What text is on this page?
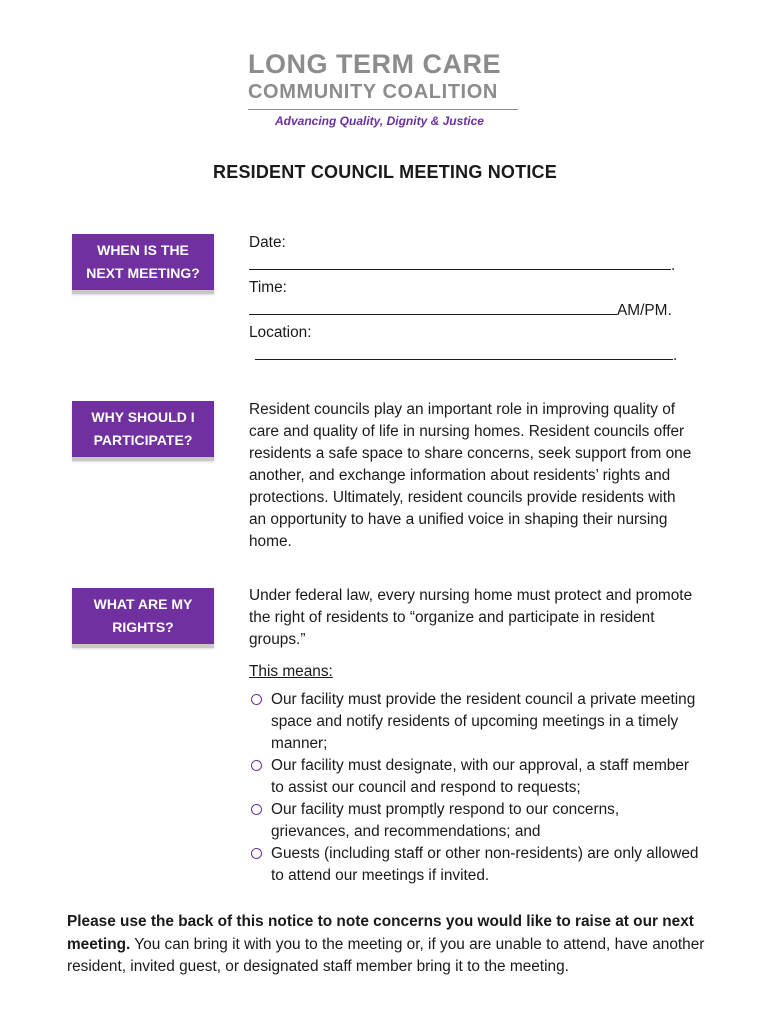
LONG TERM CARE
COMMUNITY COALITION
Advancing Quality, Dignity & Justice
RESIDENT COUNCIL MEETING NOTICE
WHEN IS THE
NEXT MEETING?
Date:
.
Time:
AM/PM.
Location:
.
WHY SHOULD I
PARTICIPATE?

Resident councils play an important role in improving quality of care and quality of life in nursing homes. Resident councils offer residents a safe space to share concerns, seek support from one another, and exchange information about residents’ rights and protections. Ultimately, resident councils provide residents with an opportunity to have a unified voice in shaping their nursing home.

WHAT ARE MY
RIGHTS?

Under federal law, every nursing home must protect and promote the right of residents to “organize and participate in resident groups.”

This means:
Our facility must provide the resident council a private meeting space and notify residents of upcoming meetings in a timely manner;
Our facility must designate, with our approval, a staff member to assist our council and respond to requests;
Our facility must promptly respond to our concerns, grievances, and recommendations; and
Guests (including staff or other non-residents) are only allowed to attend our meetings if invited.
Please use the back of this notice to note concerns you would like to raise at our next meeting. You can bring it with you to the meeting or, if you are unable to attend, have another resident, invited guest, or designated staff member bring it to the meeting.
